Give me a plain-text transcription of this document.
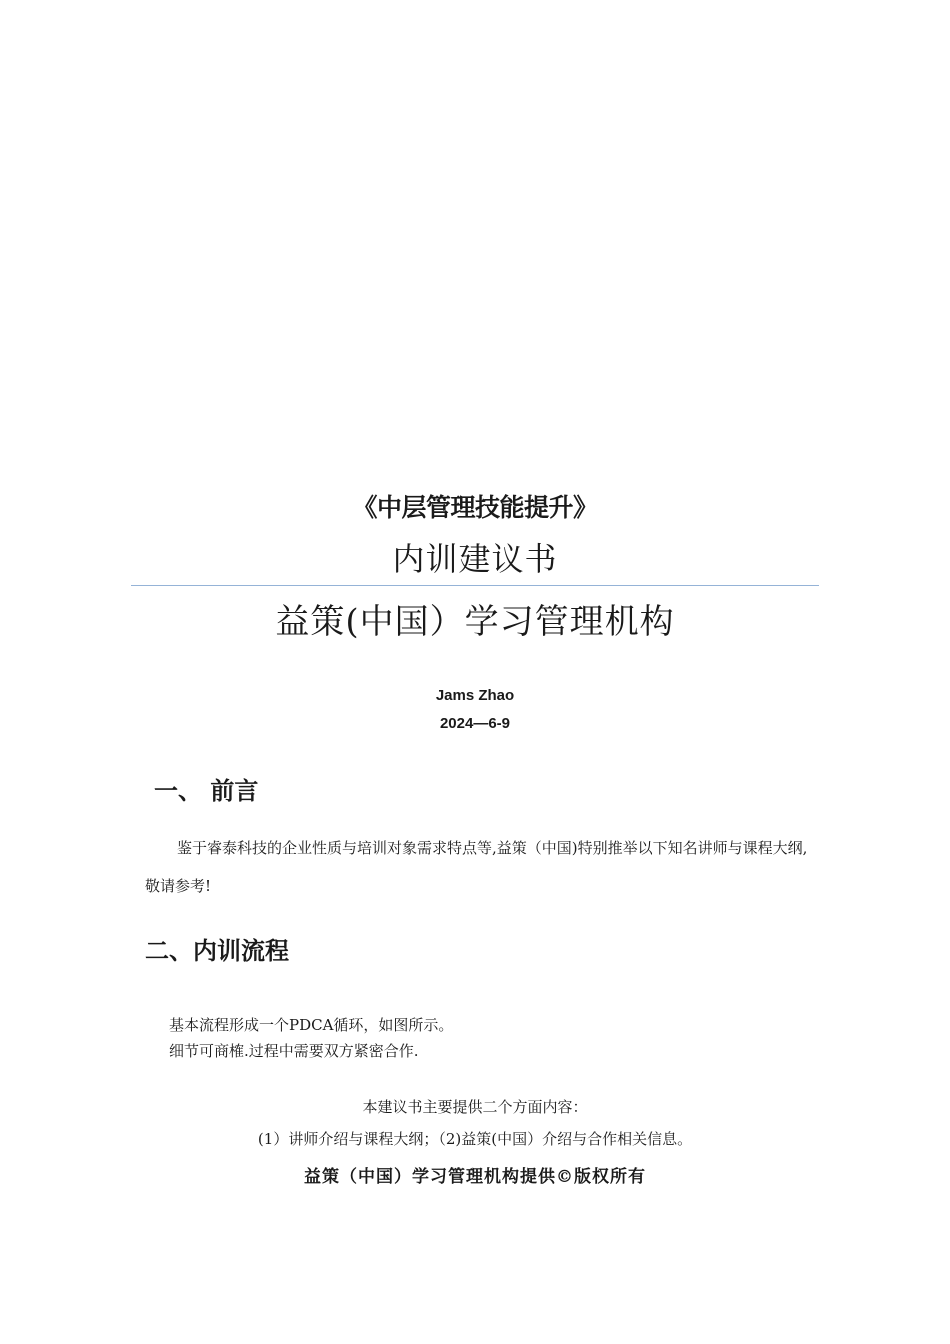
《中层管理技能提升》
内训建议书
益策(中国）学习管理机构
Jams Zhao
2024—6-9
一、 前言
鉴于睿泰科技的企业性质与培训对象需求特点等,益策（中国)特别推举以下知名讲师与课程大纲,敬请参考!
二、内训流程
基本流程形成一个PDCA循环，如图所示。
细节可商榷.过程中需要双方紧密合作.
本建议书主要提供二个方面内容：
(1）讲师介绍与课程大纲；（2)益策(中国）介绍与合作相关信息。
益策（中国）学习管理机构提供©版权所有
